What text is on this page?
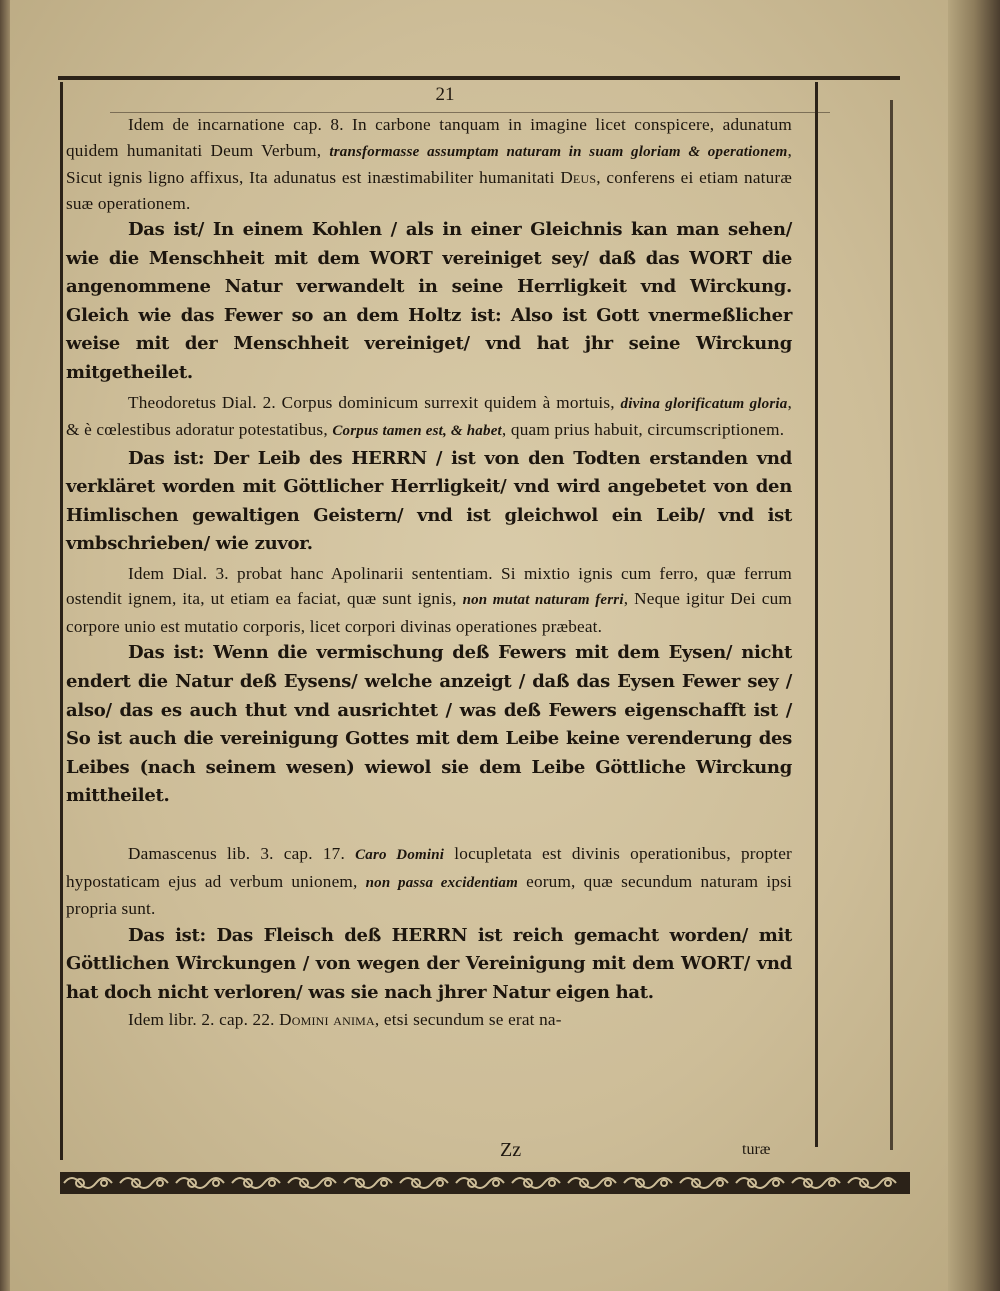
21

Idem de incarnatione cap. 8. In carbone tanquam in imagine licet conspicere, adunatum quidem humanitati Deum Verbum, transformasse assumptam naturam in suam gloriam & operationem, Sicut ignis ligno affixus, Ita adunatus est inæstimabiliter humanitati Deus, conferens ei etiam naturæ suæ operationem.

Das ist/ In einem Kohlen / als in einer Gleichnis kan man sehen/ wie die Menschheit mit dem WORT vereiniget sey/ daß das WORT die angenommene Natur verwandelt in seine Herrligkeit vnd Wirckung. Gleich wie das Fewer so an dem Holtz ist: Also ist Gott vnermeßlicher weise mit der Menschheit vereiniget/ vnd hat jhr seine Wirckung mitgetheilet.

Theodoretus Dial. 2. Corpus dominicum surrexit quidem à mortuis, divina glorificatum gloria, & è cœlestibus adoratur potestatibus, Corpus tamen est, & habet, quam prius habuit, circumscriptionem.

Das ist: Der Leib des HERRN / ist von den Todten erstanden vnd verkläret worden mit Göttlicher Herrligkeit/ vnd wird angebetet von den Himlischen gewaltigen Geistern/ vnd ist gleichwol ein Leib/ vnd ist vmbschrieben/ wie zuvor.

Idem Dial. 3. probat hanc Apolinarii sententiam. Si mixtio ignis cum ferro, quæ ferrum ostendit ignem, ita, ut etiam ea faciat, quæ sunt ignis, non mutat naturam ferri, Neque igitur Dei cum corpore unio est mutatio corporis, licet corpori divinas operationes præbeat.

Das ist: Wenn die vermischung deß Fewers mit dem Eysen/ nicht endert die Natur deß Eysens/ welche anzeigt / daß das Eysen Fewer sey / also/ das es auch thut vnd ausrichtet / was deß Fewers eigenschafft ist / So ist auch die vereinigung Gottes mit dem Leibe keine verenderung des Leibes (nach seinem wesen) wiewol sie dem Leibe Göttliche Wirckung mittheilet.

Damascenus lib. 3. cap. 17. Caro Domini locupletata est divinis operationibus, propter hypostaticam ejus ad verbum unionem, non passa excidentiam eorum, quæ secundum naturam ipsi propria sunt.

Das ist: Das Fleisch deß HERRN ist reich gemacht worden/ mit Göttlichen Wirckungen / von wegen der Vereinigung mit dem WORT/ vnd hat doch nicht verloren/ was sie nach jhrer Natur eigen hat.

Idem libr. 2. cap. 22. Domini anima, etsi secundum se erat na-

Zz	turæ
